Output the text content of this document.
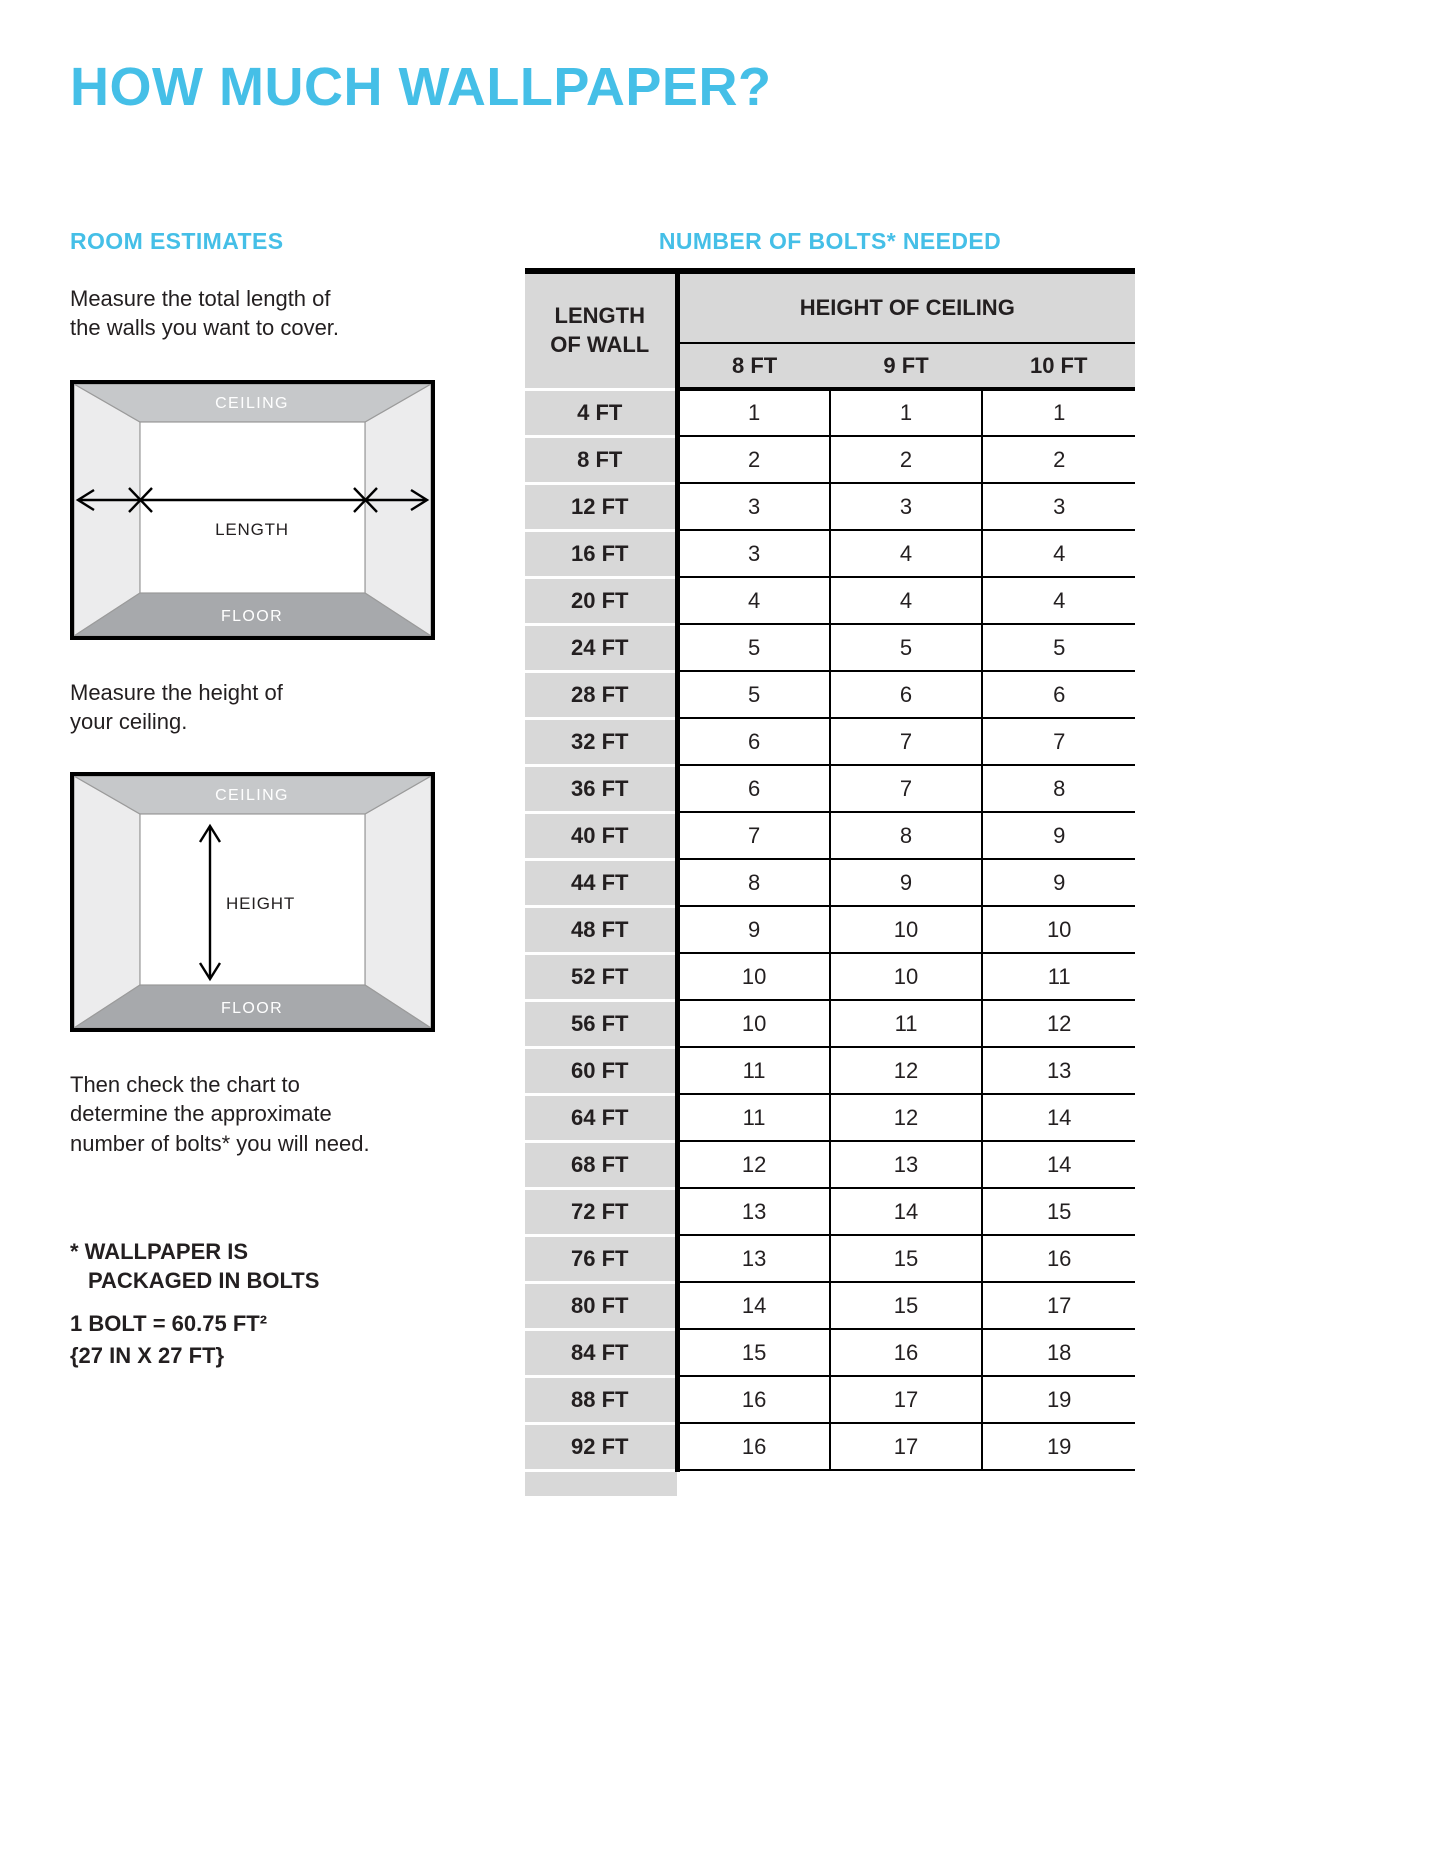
HOW MUCH WALLPAPER?
ROOM ESTIMATES	NUMBER OF BOLTS* NEEDED
Measure the total length of
the walls you want to cover.
CEILING
LENGTH
FLOOR
Measure the height of
your ceiling.
CEILING
HEIGHT
FLOOR
Then check the chart to
determine the approximate
number of bolts* you will need.
* WALLPAPER IS
PACKAGED IN BOLTS
1 BOLT = 60.75 FT²
{27 IN X 27 FT}
LENGTH
OF WALL	HEIGHT OF CEILING		
	8 FT	9 FT	10 FT
4 FT	1	1	1
8 FT	2	2	2
12 FT	3	3	3
16 FT	3	4	4
20 FT	4	4	4
24 FT	5	5	5
28 FT	5	6	6
32 FT	6	7	7
36 FT	6	7	8
40 FT	7	8	9
44 FT	8	9	9
48 FT	9	10	10
52 FT	10	10	11
56 FT	10	11	12
60 FT	11	12	13
64 FT	11	12	14
68 FT	12	13	14
72 FT	13	14	15
76 FT	13	15	16
80 FT	14	15	17
84 FT	15	16	18
88 FT	16	17	19
92 FT	16	17	19
